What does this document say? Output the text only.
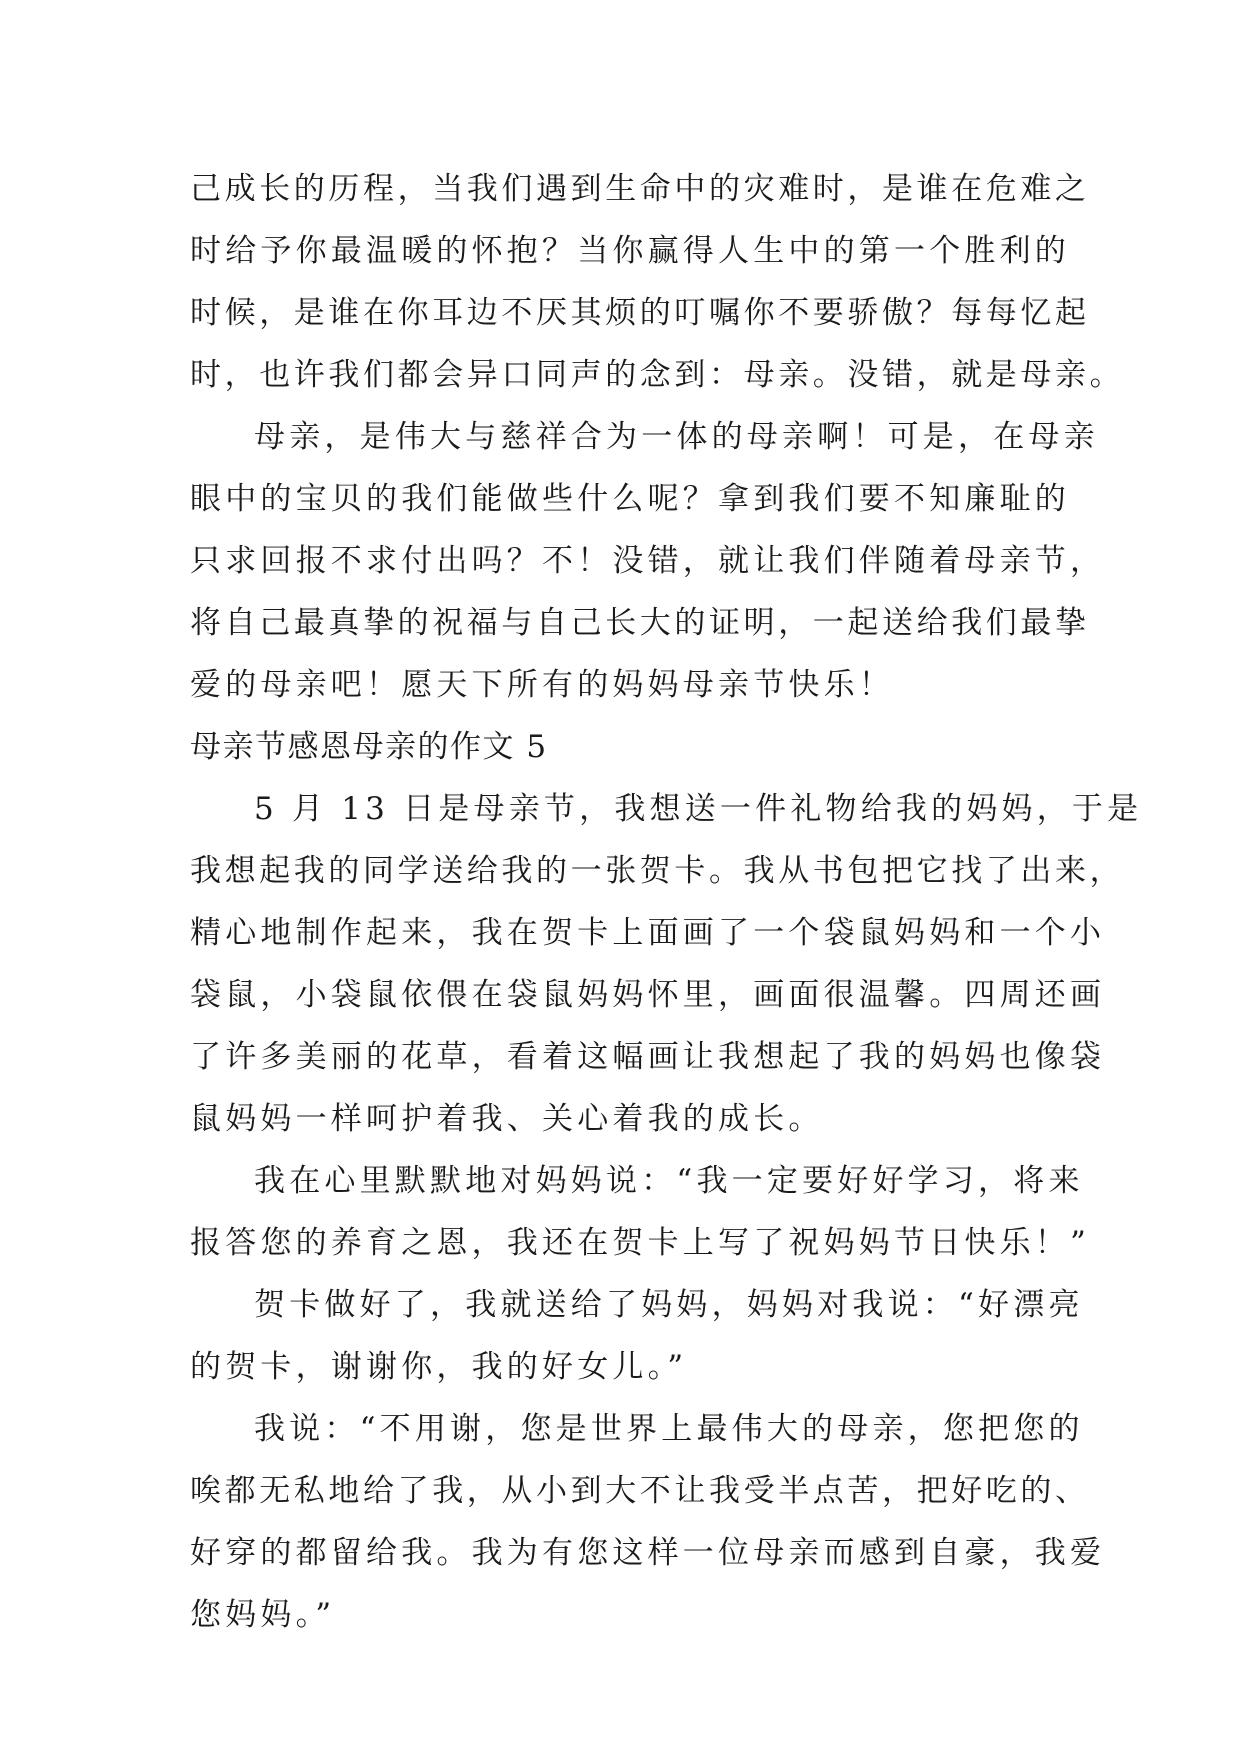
己成长的历程，当我们遇到生命中的灾难时，是谁在危难之
时给予你最温暖的怀抱？当你赢得人生中的第一个胜利的
时候，是谁在你耳边不厌其烦的叮嘱你不要骄傲？每每忆起
时，也许我们都会异口同声的念到：母亲。没错，就是母亲。
母亲，是伟大与慈祥合为一体的母亲啊！可是，在母亲
眼中的宝贝的我们能做些什么呢？拿到我们要不知廉耻的
只求回报不求付出吗？不！没错，就让我们伴随着母亲节，
将自己最真挚的祝福与自己长大的证明，一起送给我们最挚
爱的母亲吧！愿天下所有的妈妈母亲节快乐！
母亲节感恩母亲的作文 5
5 月 13 日是母亲节，我想送一件礼物给我的妈妈，于是
我想起我的同学送给我的一张贺卡。我从书包把它找了出来，
精心地制作起来，我在贺卡上面画了一个袋鼠妈妈和一个小
袋鼠，小袋鼠依偎在袋鼠妈妈怀里，画面很温馨。四周还画
了许多美丽的花草，看着这幅画让我想起了我的妈妈也像袋
鼠妈妈一样呵护着我、关心着我的成长。
我在心里默默地对妈妈说：“我一定要好好学习，将来
报答您的养育之恩，我还在贺卡上写了祝妈妈节日快乐！”
贺卡做好了，我就送给了妈妈，妈妈对我说：“好漂亮
的贺卡，谢谢你，我的好女儿。”
我说：“不用谢，您是世界上最伟大的母亲，您把您的
唉都无私地给了我，从小到大不让我受半点苦，把好吃的、
好穿的都留给我。我为有您这样一位母亲而感到自豪，我爱
您妈妈。”
